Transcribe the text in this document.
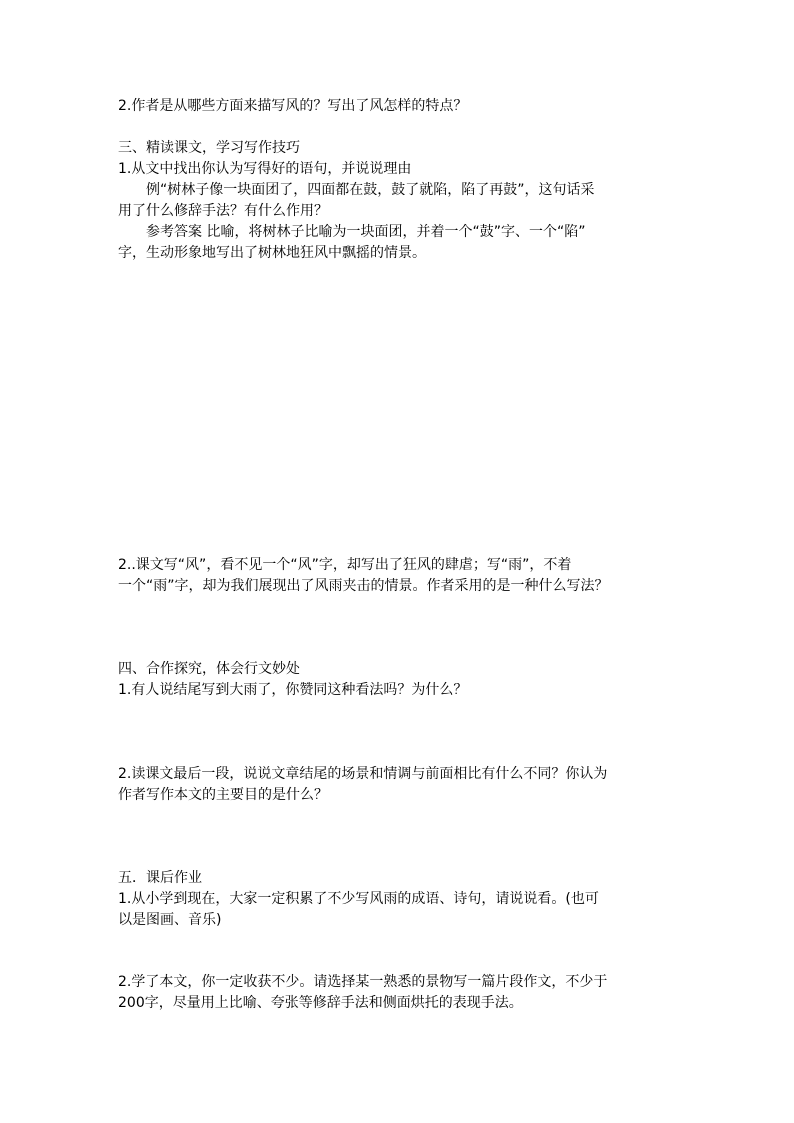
2.作者是从哪些方面来描写风的？写出了风怎样的特点？

三、精读课文，学习写作技巧

1.从文中找出你认为写得好的语句，并说说理由

例“树林子像一块面团了，四面都在鼓，鼓了就陷，陷了再鼓”，这句话采

用了什么修辞手法？有什么作用？

参考答案 比喻，将树林子比喻为一块面团，并着一个“鼓”字、一个“陷”

字，生动形象地写出了树林地狂风中飘摇的情景。

2..课文写“风”，看不见一个“风”字，却写出了狂风的肆虐；写“雨”，不着

一个“雨”字，却为我们展现出了风雨夹击的情景。作者采用的是一种什么写法？

四、合作探究，体会行文妙处

1.有人说结尾写到大雨了，你赞同这种看法吗？为什么？

2.读课文最后一段，说说文章结尾的场景和情调与前面相比有什么不同？你认为

作者写作本文的主要目的是什么？

五．课后作业

1.从小学到现在，大家一定积累了不少写风雨的成语、诗句，请说说看。(也可

以是图画、音乐)

2.学了本文，你一定收获不少。请选择某一熟悉的景物写一篇片段作文，不少于

200字，尽量用上比喻、夸张等修辞手法和侧面烘托的表现手法。
